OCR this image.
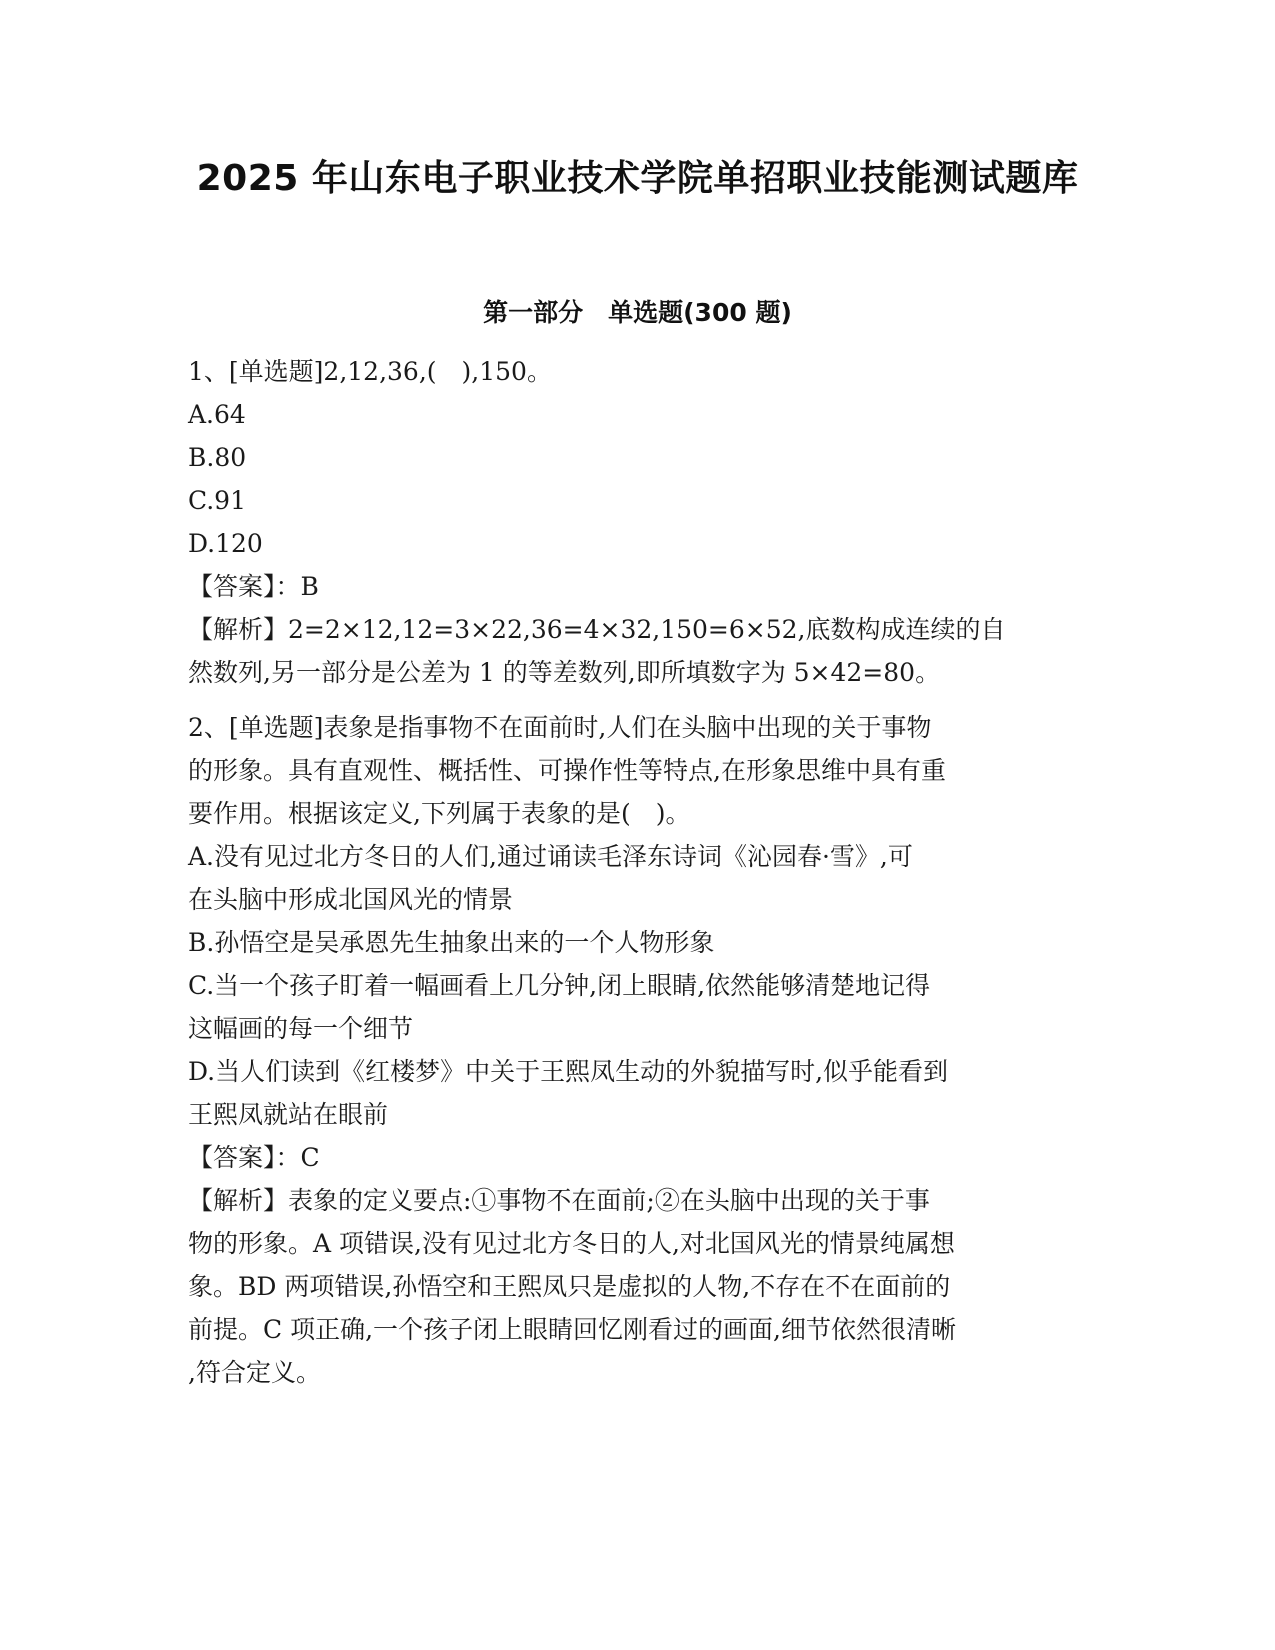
2025 年山东电子职业技术学院单招职业技能测试题库
第一部分　单选题(300 题)
1、[单选题]2,12,36,(　),150。
A.64
B.80
C.91
D.120
【答案】：B
【解析】2=2×12,12=3×22,36=4×32,150=6×52,底数构成连续的自
然数列,另一部分是公差为 1 的等差数列,即所填数字为 5×42=80。
2、[单选题]表象是指事物不在面前时,人们在头脑中出现的关于事物
的形象。具有直观性、概括性、可操作性等特点,在形象思维中具有重
要作用。根据该定义,下列属于表象的是(　)。
A.没有见过北方冬日的人们,通过诵读毛泽东诗词《沁园春·雪》,可
在头脑中形成北国风光的情景
B.孙悟空是吴承恩先生抽象出来的一个人物形象
C.当一个孩子盯着一幅画看上几分钟,闭上眼睛,依然能够清楚地记得
这幅画的每一个细节
D.当人们读到《红楼梦》中关于王熙凤生动的外貌描写时,似乎能看到
王熙凤就站在眼前
【答案】：C
【解析】表象的定义要点:①事物不在面前;②在头脑中出现的关于事
物的形象。A 项错误,没有见过北方冬日的人,对北国风光的情景纯属想
象。BD 两项错误,孙悟空和王熙凤只是虚拟的人物,不存在不在面前的
前提。C 项正确,一个孩子闭上眼睛回忆刚看过的画面,细节依然很清晰
,符合定义。
